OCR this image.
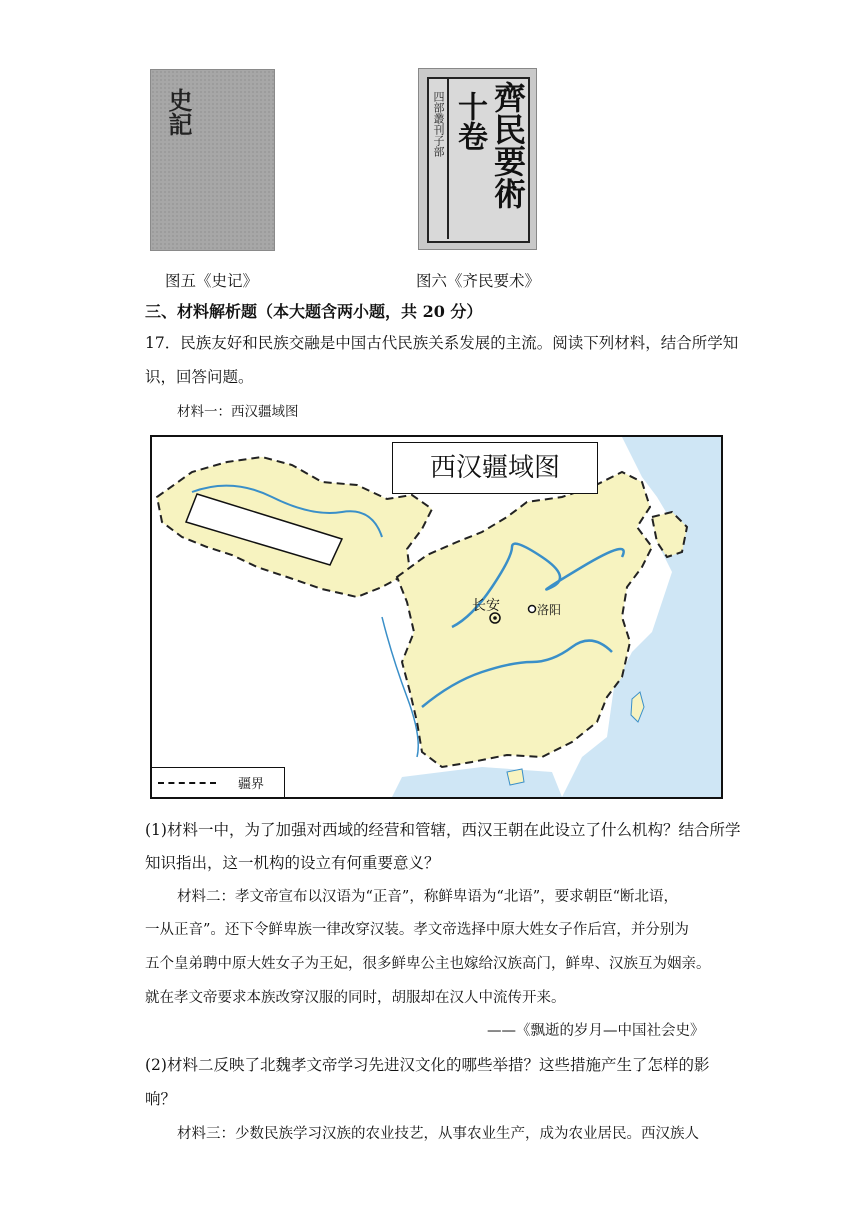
史記	四部叢刊子部 十卷 齊民要術
图五《史记》	图六《齐民要术》
三、材料解析题（本大题含两小题，共 20 分）
17．民族友好和民族交融是中国古代民族关系发展的主流。阅读下列材料，结合所学知
识，回答问题。
材料一：西汉疆域图
西汉疆域图
长安	洛阳
疆界
(1)材料一中，为了加强对西域的经营和管辖，西汉王朝在此设立了什么机构？结合所学
知识指出，这一机构的设立有何重要意义？
材料二：孝文帝宣布以汉语为“正音”，称鲜卑语为“北语”，要求朝臣“断北语，
一从正音”。还下令鲜卑族一律改穿汉装。孝文帝选择中原大姓女子作后宫，并分别为
五个皇弟聘中原大姓女子为王妃，很多鲜卑公主也嫁给汉族高门，鲜卑、汉族互为姻亲。
就在孝文帝要求本族改穿汉服的同时，胡服却在汉人中流传开来。
——《飘逝的岁月—中国社会史》
(2)材料二反映了北魏孝文帝学习先进汉文化的哪些举措？这些措施产生了怎样的影
响？
材料三：少数民族学习汉族的农业技艺，从事农业生产，成为农业居民。西汉族人
